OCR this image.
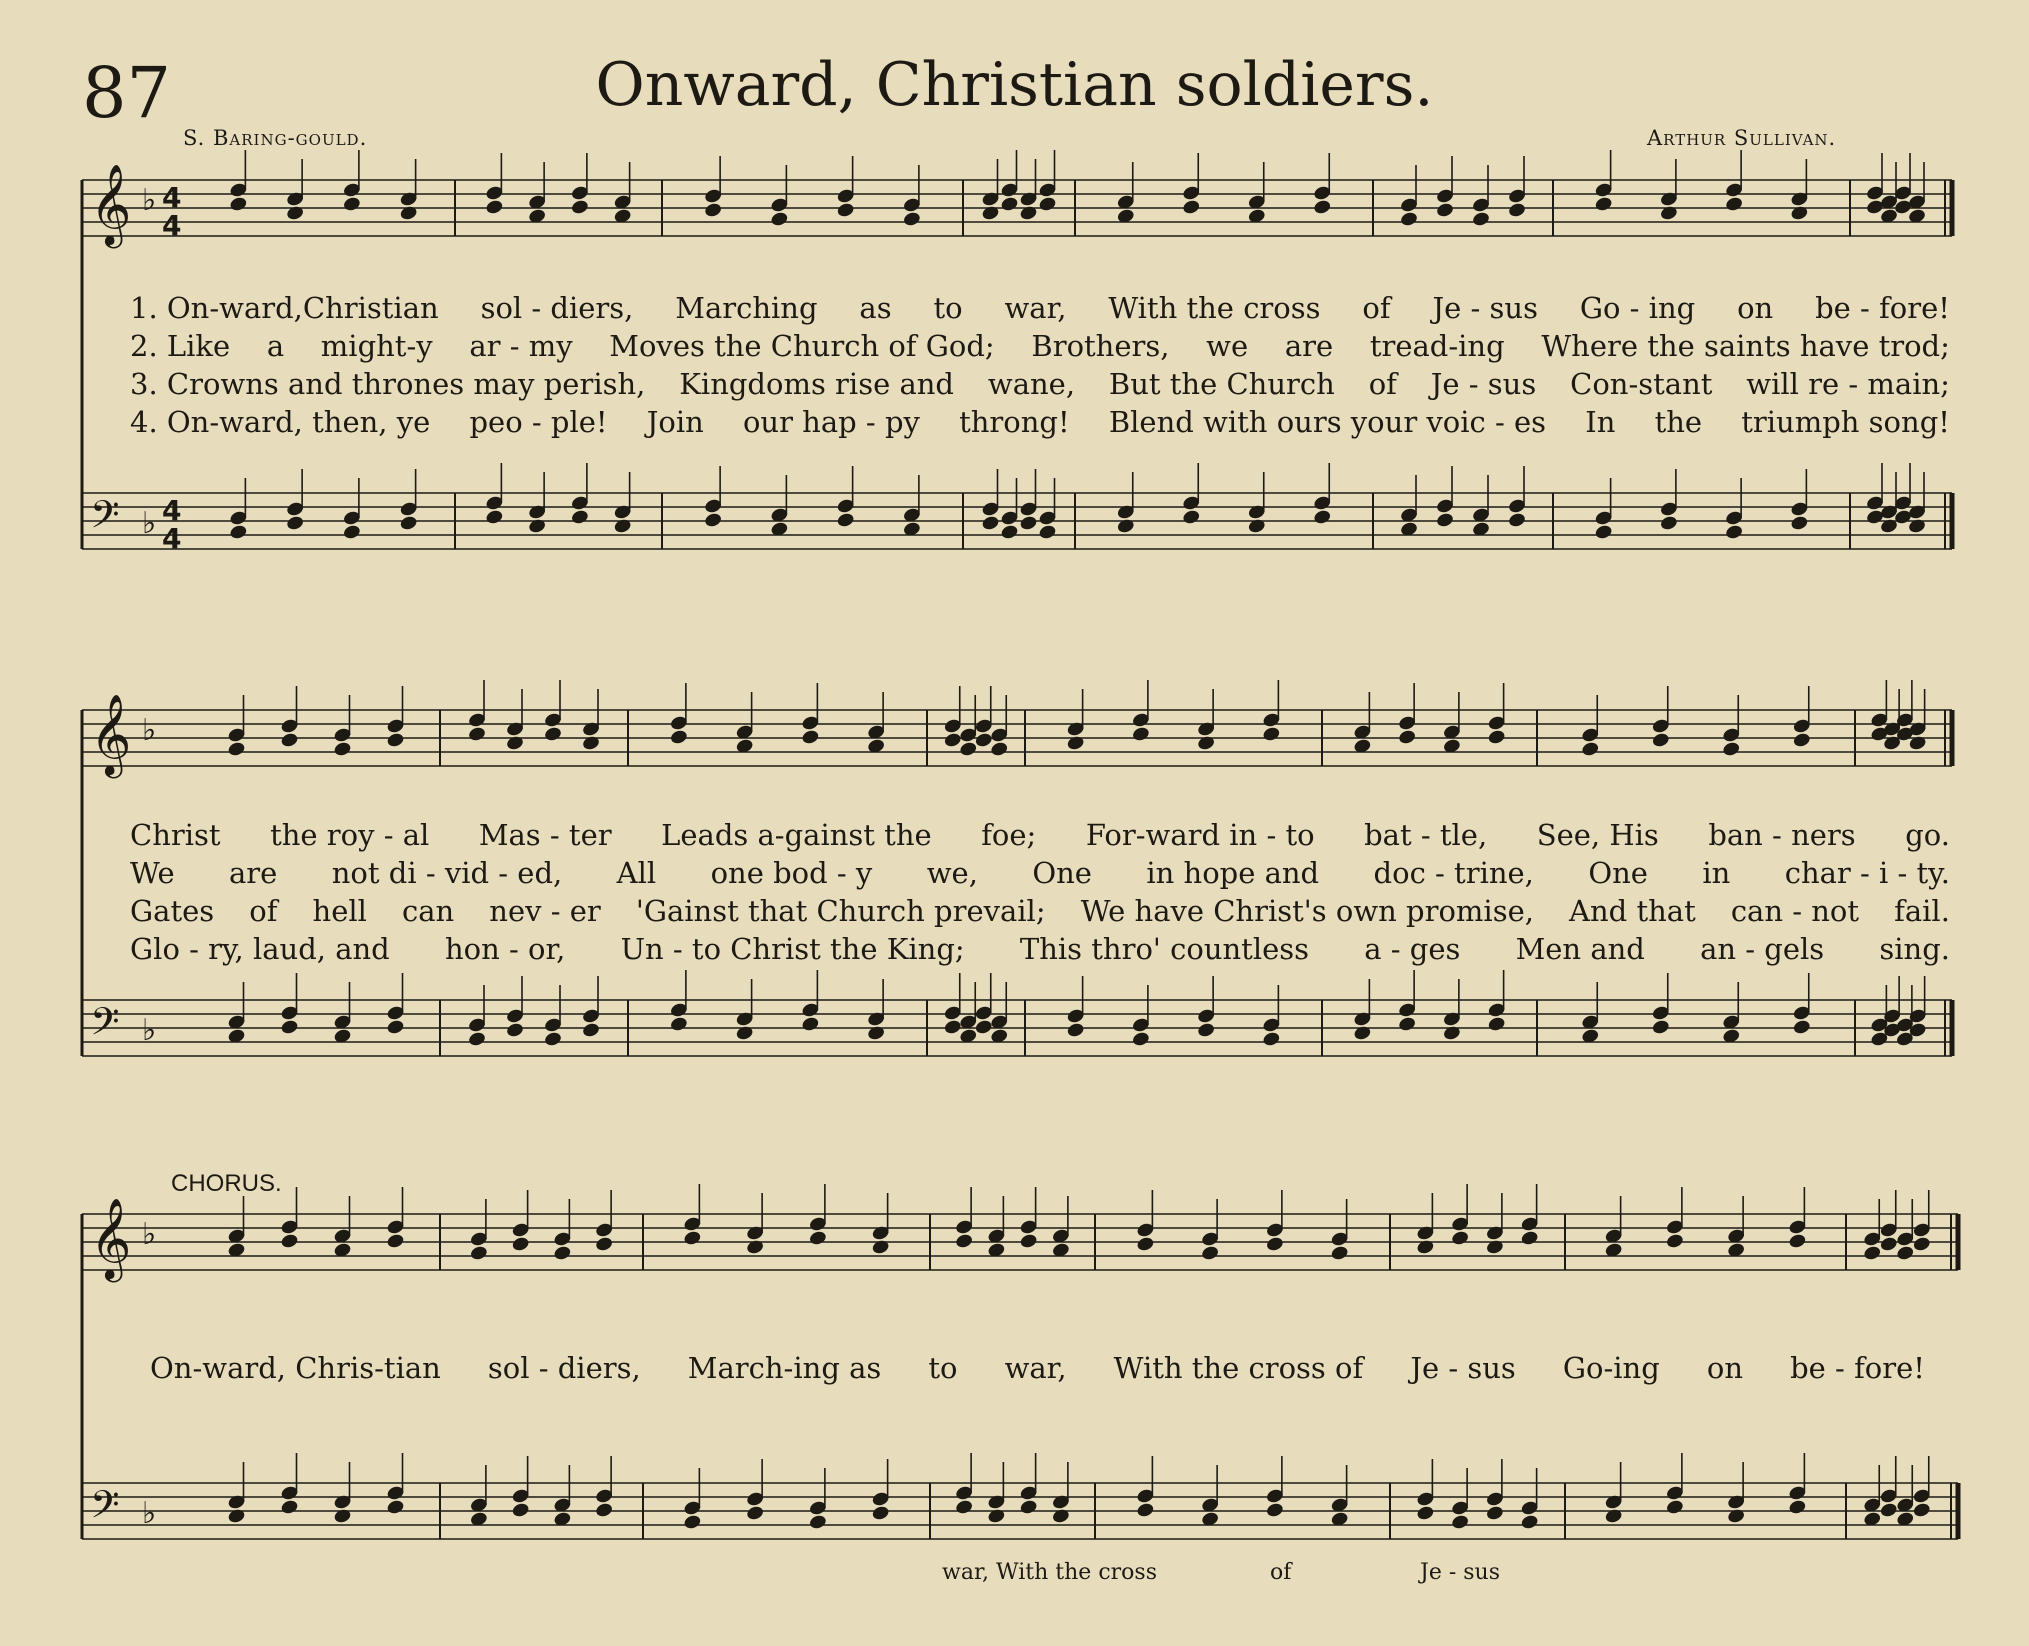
87	Onward, Christian soldiers.
S. Baring-gould.	Arthur Sullivan.
𝄞 ♭
𝄢 ♭
4
4
4
4
𝄞 ♭
𝄢 ♭
𝄞 ♭
𝄢 ♭
1. On-ward,Christian sol - diers, Marching as to war, With the cross of Je - sus Go - ing on be - fore!
2. Like a might-y ar - my Moves the Church of God; Brothers, we are tread-ing Where the saints have trod;
3. Crowns and thrones may perish, Kingdoms rise and wane, But the Church of Je - sus Con-stant will re - main;
4. On-ward, then, ye peo - ple! Join our hap - py throng! Blend with ours your voic - es In the triumph song!
Christ the roy - al Mas - ter Leads a-gainst the foe; For-ward in - to bat - tle, See, His ban - ners go.
We are not di - vid - ed, All one bod - y we, One in hope and doc - trine, One in char - i - ty.
Gates of hell can nev - er 'Gainst that Church prevail; We have Christ's own promise, And that can - not fail.
Glo - ry, laud, and hon - or, Un - to Christ the King; This thro' countless a - ges Men and an - gels sing.
CHORUS.
On-ward, Chris-tian sol - diers, March-ing as to war, With the cross of Je - sus Go-ing on be - fore!
war, With the cross	of	Je - sus
